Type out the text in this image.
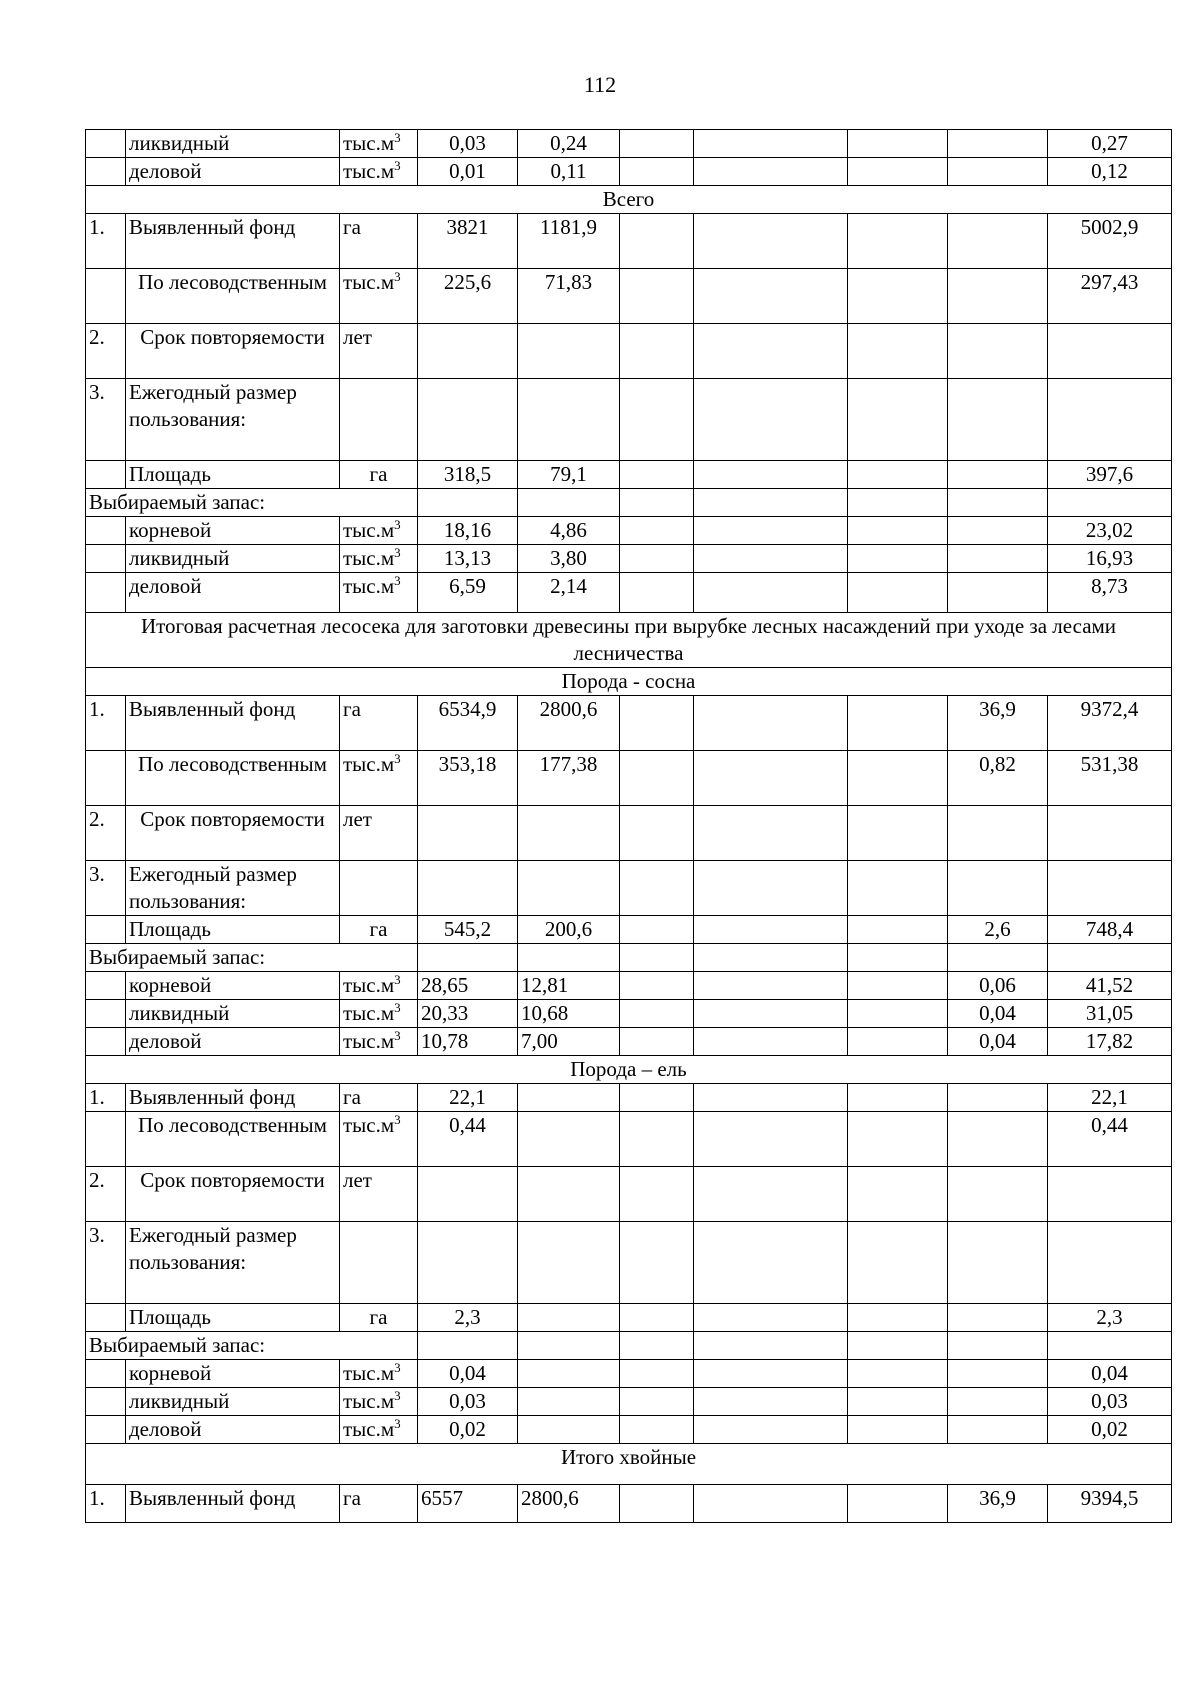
112
	ликвидный	$тыс.м^3$	0,03	0,24					0,27
	деловой	$тыс.м^3$	0,01	0,11					0,12
Всего									
1.	Выявленный фонд	га	3821	1181,9					5002,9
	По лесоводственным	$тыс.м^3$	225,6	71,83					297,43
2.	Срок повторяемости	лет							
3.	Ежегодный размер пользования:								
	Площадь	га	318,5	79,1					397,6
Выбираемый запас:									
	корневой	$тыс.м^3$	18,16	4,86					23,02
	ликвидный	$тыс.м^3$	13,13	3,80					16,93
	деловой	$тыс.м^3$	6,59	2,14					8,73
Итоговая расчетная лесосека для заготовки древесины при вырубке лесных насаждений при уходе за лесами лесничества									
Порода - сосна									
1.	Выявленный фонд	га	6534,9	2800,6				36,9	9372,4
	По лесоводственным	$тыс.м^3$	353,18	177,38				0,82	531,38
2.	Срок повторяемости	лет							
3.	Ежегодный размер пользования:								
	Площадь	га	545,2	200,6				2,6	748,4
Выбираемый запас:									
	корневой	$тыс.м^3$	28,65	12,81				0,06	41,52
	ликвидный	$тыс.м^3$	20,33	10,68				0,04	31,05
	деловой	$тыс.м^3$	10,78	7,00				0,04	17,82
Порода – ель									
1.	Выявленный фонд	га	22,1						22,1
	По лесоводственным	$тыс.м^3$	0,44						0,44
2.	Срок повторяемости	лет							
3.	Ежегодный размер пользования:								
	Площадь	га	2,3						2,3
Выбираемый запас:									
	корневой	$тыс.м^3$	0,04						0,04
	ликвидный	$тыс.м^3$	0,03						0,03
	деловой	$тыс.м^3$	0,02						0,02
Итого хвойные									
1.	Выявленный фонд	га	6557	2800,6				36,9	9394,5
